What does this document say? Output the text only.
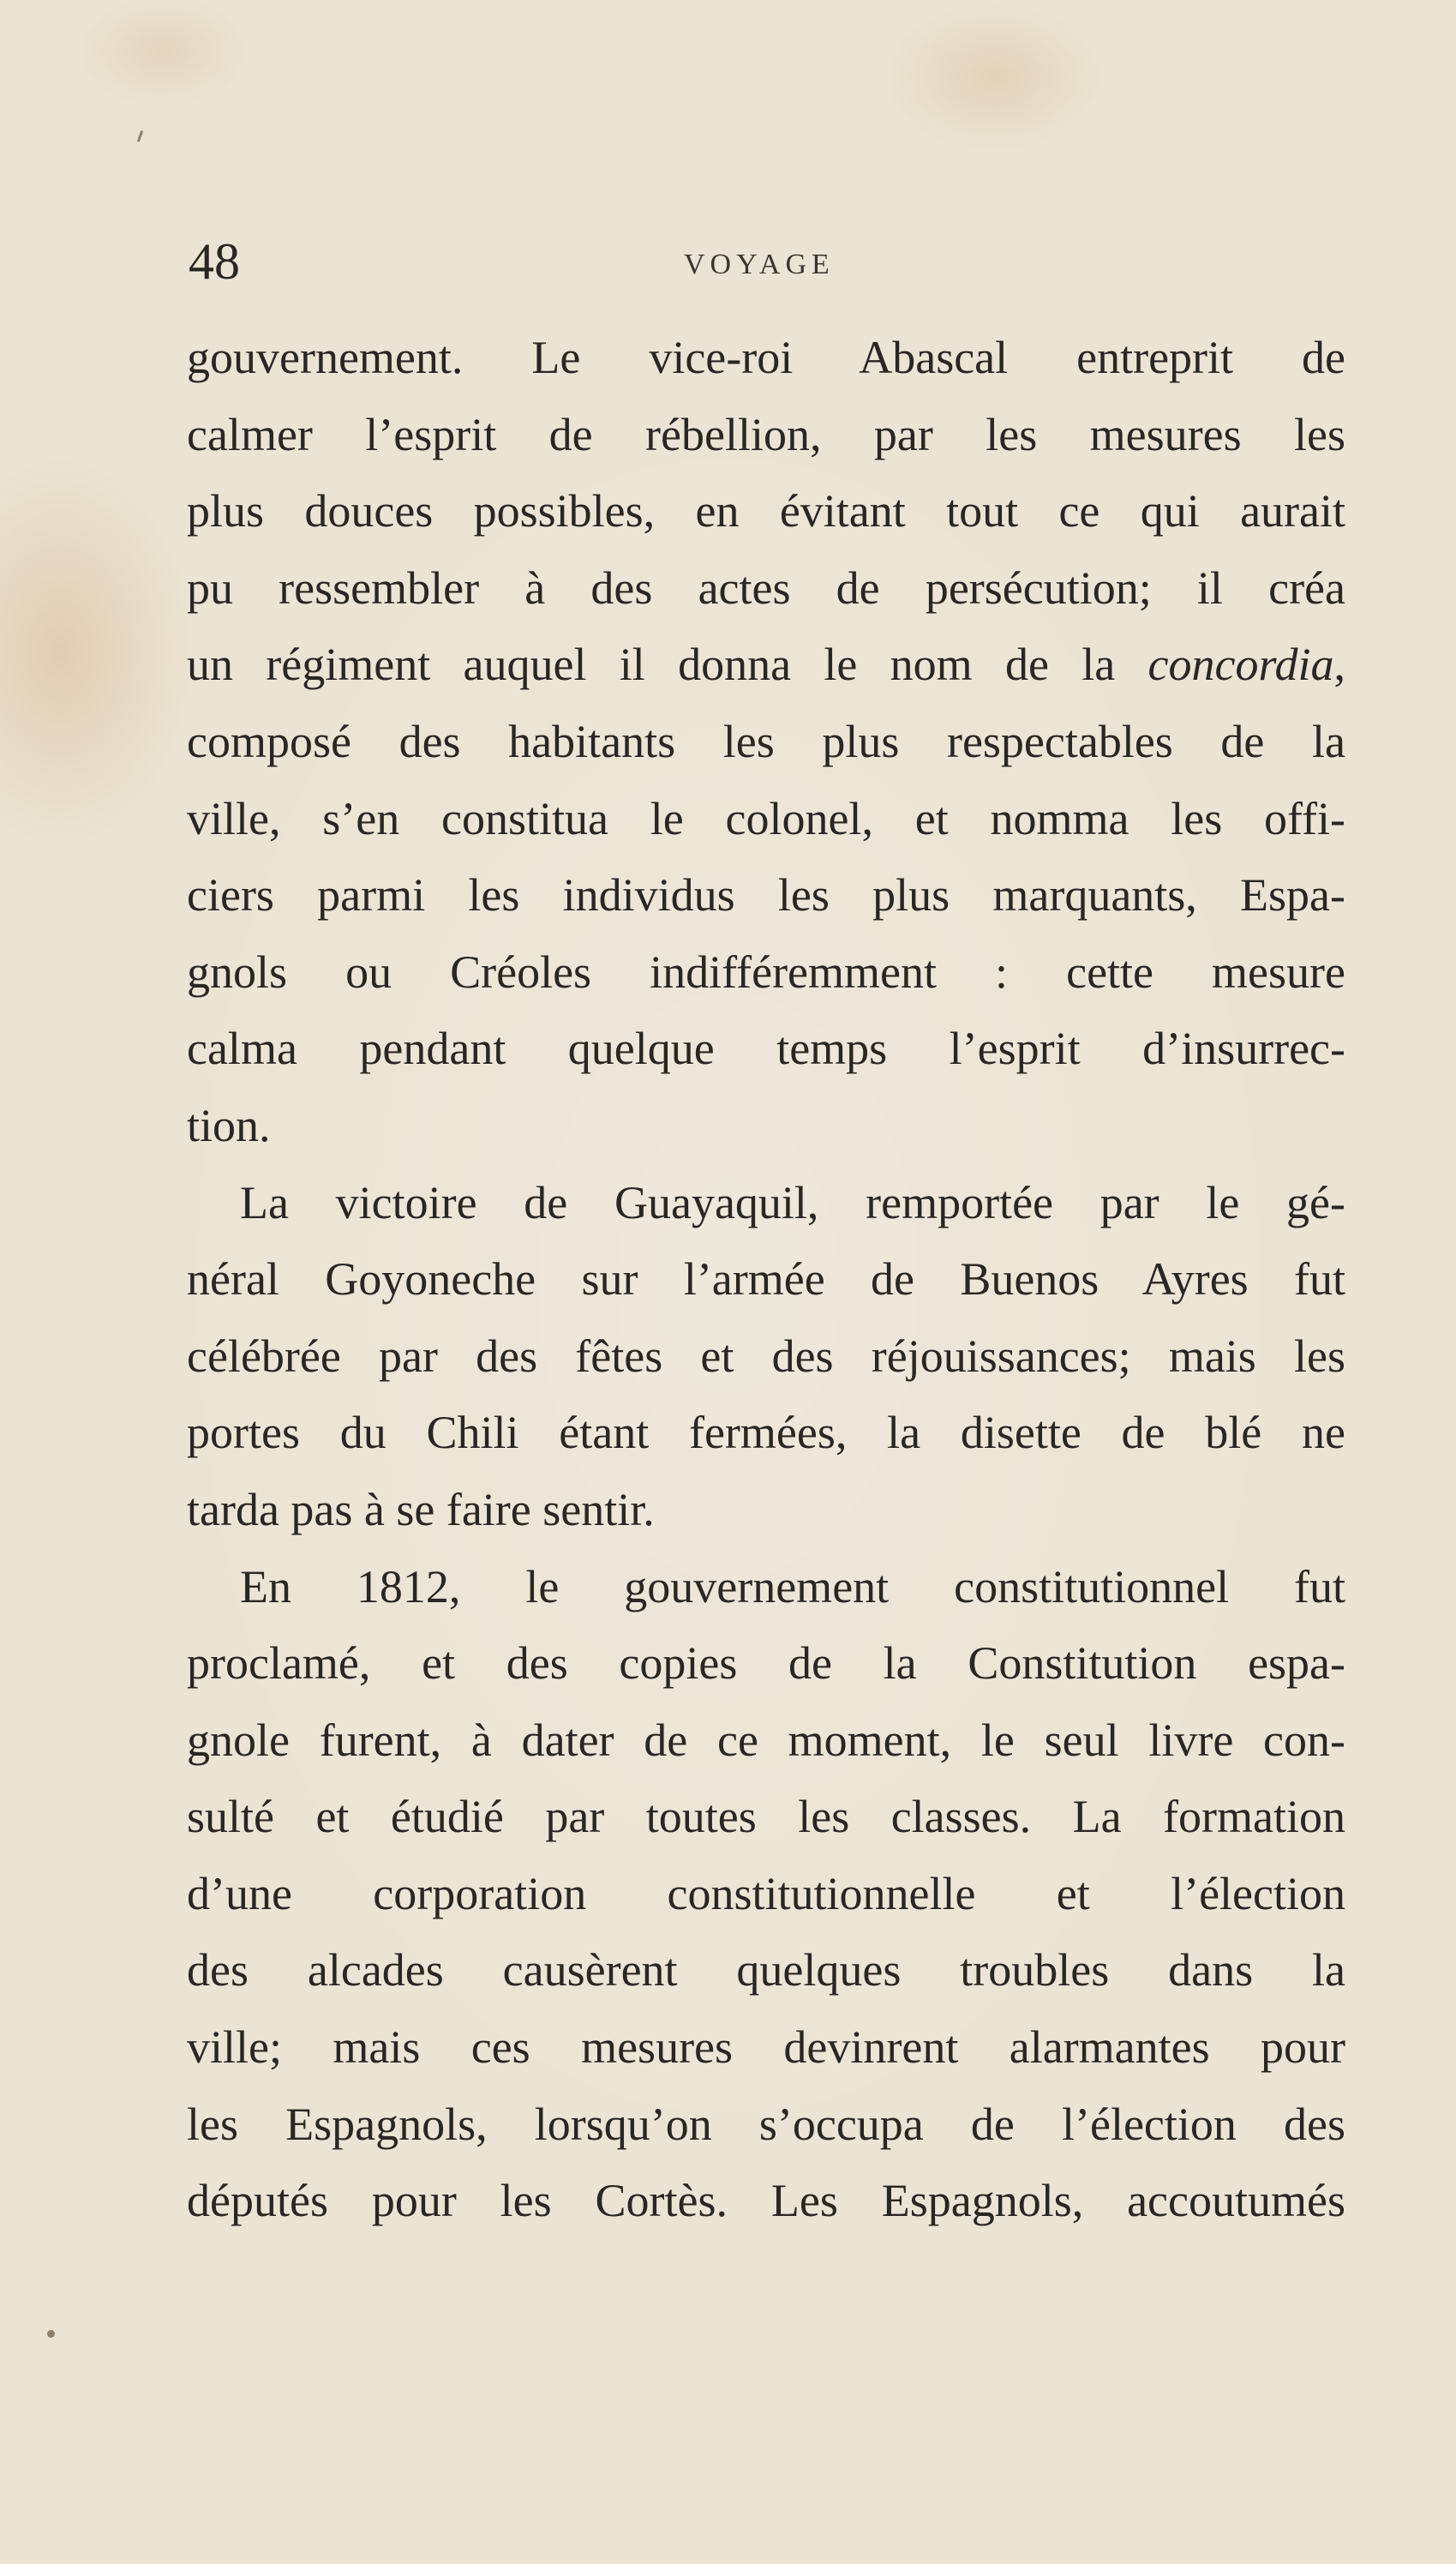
48	VOYAGE
gouvernement. Le vice-roi Abascal entreprit de
calmer l’esprit de rébellion, par les mesures les
plus douces possibles, en évitant tout ce qui aurait
pu ressembler à des actes de persécution; il créa
un régiment auquel il donna le nom de la concordia,
composé des habitants les plus respectables de la
ville, s’en constitua le colonel, et nomma les offi-
ciers parmi les individus les plus marquants, Espa-
gnols ou Créoles indifféremment : cette mesure
calma pendant quelque temps l’esprit d’insurrec-
tion.
La victoire de Guayaquil, remportée par le gé-
néral Goyoneche sur l’armée de Buenos Ayres fut
célébrée par des fêtes et des réjouissances; mais les
portes du Chili étant fermées, la disette de blé ne
tarda pas à se faire sentir.
En 1812, le gouvernement constitutionnel fut
proclamé, et des copies de la Constitution espa-
gnole furent, à dater de ce moment, le seul livre con-
sulté et étudié par toutes les classes. La formation
d’une corporation constitutionnelle et l’élection
des alcades causèrent quelques troubles dans la
ville; mais ces mesures devinrent alarmantes pour
les Espagnols, lorsqu’on s’occupa de l’élection des
députés pour les Cortès. Les Espagnols, accoutumés
